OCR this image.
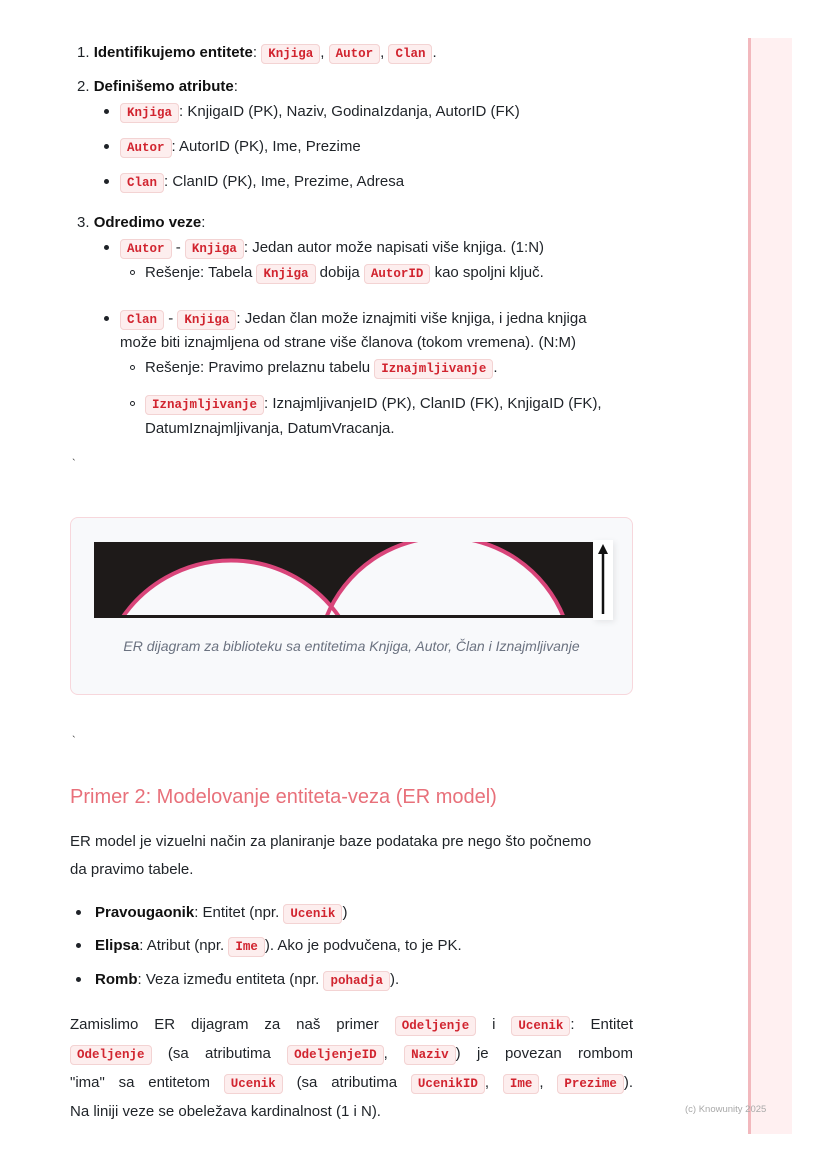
1. Identifikujemo entitete: Knjiga , Autor , Clan .
2. Definišemo atribute:
Knjiga : KnjigaID (PK), Naziv, GodinaIzdanja, AutorID (FK)
Autor : AutorID (PK), Ime, Prezime
Clan : ClanID (PK), Ime, Prezime, Adresa
3. Odredimo veze:
Autor - Knjiga : Jedan autor može napisati više knjiga. (1:N)
Rešenje: Tabela Knjiga dobija AutorID kao spoljni ključ.
Clan - Knjiga : Jedan član može iznajmiti više knjiga, i jedna knjiga
može biti iznajmljena od strane više članova (tokom vremena). (N:M)
Rešenje: Pravimo prelaznu tabelu Iznajmljivanje .
Iznajmljivanje : IznajmljivanjeID (PK), ClanID (FK), KnjigaID (FK),
DatumIznajmljivanja, DatumVracanja.
`
ER dijagram za biblioteku sa entitetima Knjiga, Autor, Član i Iznajmljivanje
`
Primer 2: Modelovanje entiteta-veza (ER model)
ER model je vizuelni način za planiranje baze podataka pre nego što počnemo
da pravimo tabele.
Pravougaonik: Entitet (npr. Ucenik )
Elipsa: Atribut (npr. Ime ). Ako je podvučena, to je PK.
Romb: Veza između entiteta (npr. pohadja ).
Zamislimo ER dijagram za naš primer Odeljenje i Ucenik : Entitet
Odeljenje (sa atributima OdeljenjeID , Naziv ) je povezan rombom
"ima" sa entitetom Ucenik (sa atributima UcenikID , Ime , Prezime ).
Na liniji veze se obeležava kardinalnost (1 i N).	(c) Knowunity 2025
